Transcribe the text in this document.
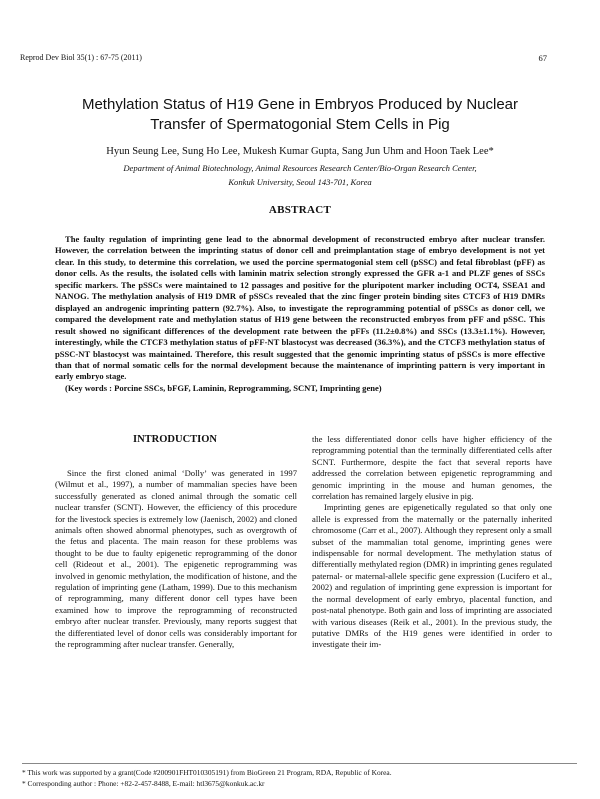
Reprod Dev Biol 35(1) : 67-75 (2011)	67
Methylation Status of H19 Gene in Embryos Produced by Nuclear
Transfer of Spermatogonial Stem Cells in Pig
Hyun Seung Lee, Sung Ho Lee, Mukesh Kumar Gupta, Sang Jun Uhm and Hoon Taek Lee*
Department of Animal Biotechnology, Animal Resources Research Center/Bio-Organ Research Center,
Konkuk University, Seoul 143-701, Korea
ABSTRACT

The faulty regulation of imprinting gene lead to the abnormal development of reconstructed embryo after nuclear transfer. However, the correlation between the imprinting status of donor cell and preimplantation stage of embryo development is not yet clear. In this study, to determine this correlation, we used the porcine spermatogonial stem cell (pSSC) and fetal fibroblast (pFF) as donor cells. As the results, the isolated cells with laminin matrix selection strongly expressed the GFR a-1 and PLZF genes of SSCs specific markers. The pSSCs were maintained to 12 passages and positive for the pluripotent marker including OCT4, SSEA1 and NANOG. The methylation analysis of H19 DMR of pSSCs revealed that the zinc finger protein binding sites CTCF3 of H19 DMRs displayed an androgenic imprinting pattern (92.7%). Also, to investigate the reprogramming potential of pSSCs as donor cell, we compared the development rate and methylation status of H19 gene between the reconstructed embryos from pFF and pSSC. This result showed no significant differences of the development rate between the pFFs (11.2±0.8%) and SSCs (13.3±1.1%). However, interestingly, while the CTCF3 methylation status of pFF-NT blastocyst was decreased (36.3%), and the CTCF3 methylation status of pSSC-NT blastocyst was maintained. Therefore, this result suggested that the genomic imprinting status of pSSCs is more effective than that of normal somatic cells for the normal development because the maintenance of imprinting pattern is very important in early embryo stage.

(Key words : Porcine SSCs, bFGF, Laminin, Reprogramming, SCNT, Imprinting gene)

INTRODUCTION

Since the first cloned animal ‘Dolly’ was generated in 1997 (Wilmut et al., 1997), a number of mammalian species have been successfully generated as cloned animal through the somatic cell nuclear transfer (SCNT). However, the efficiency of this procedure for the livestock species is extremely low (Jaenisch, 2002) and cloned animals often showed abnormal phenotypes, such as overgrowth of the fetus and placenta. The main reason for these problems was thought to be due to faulty epigenetic reprogramming of the donor cell (Rideout et al., 2001). The epigenetic reprogramming was involved in genomic methylation, the modification of histone, and the regulation of imprinting gene (Latham, 1999). Due to this mechanism of reprogramming, many different donor cell types have been examined how to improve the reprogramming of reconstructed embryo after nuclear transfer. Previously, many reports suggest that the differentiated level of donor cells was considerably important for the reprogramming after nuclear transfer. Generally,

the less differentiated donor cells have higher efficiency of the reprogramming potential than the terminally differentiated cells after SCNT. Furthermore, despite the fact that several reports have addressed the correlation between epigenetic reprogramming and genomic imprinting in the mouse and human genomes, the correlation has remained largely elusive in pig.

Imprinting genes are epigenetically regulated so that only one allele is expressed from the maternally or the paternally inherited chromosome (Carr et al., 2007). Although they represent only a small subset of the mammalian total genome, imprinting genes were indispensable for normal development. The methylation status of differentially methylated region (DMR) in imprinting genes regulated paternal- or maternal-allele specific gene expression (Lucifero et al., 2002) and regulation of imprinting gene expression is important for the normal development of early embryo, placental function, and post-natal phenotype. Both gain and loss of imprinting are associated with various diseases (Reik et al., 2001). In the previous study, the putative DMRs of the H19 genes were identified in order to investigate their im-

* This work was supported by a grant(Code #200901FHT010305191) from BioGreen 21 Program, RDA, Republic of Korea.

* Corresponding author : Phone: +82-2-457-8488, E-mail: htl3675@konkuk.ac.kr
